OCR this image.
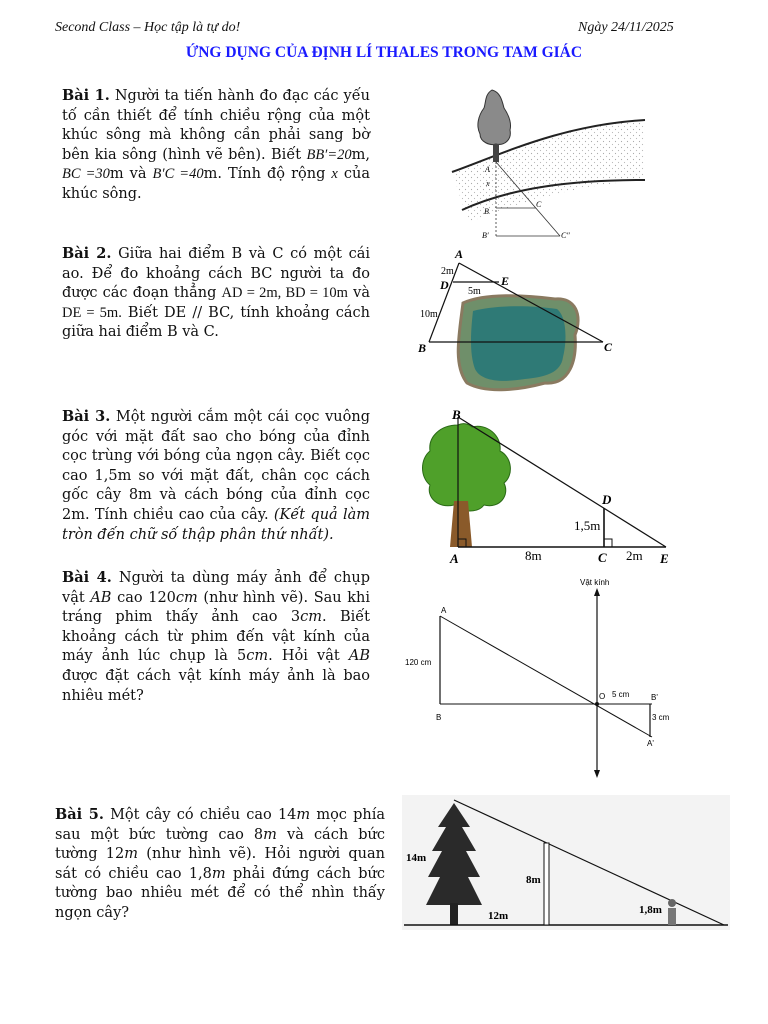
Second Class – Học tập là tự do!	Ngày 24/11/2025
ỨNG DỤNG CỦA ĐỊNH LÍ THALES TRONG TAM GIÁC
Bài 1. Người ta tiến hành đo đạc các yếu tố cần thiết để tính chiều rộng của một khúc sông mà không cần phải sang bờ bên kia sông (hình vẽ bên). Biết BB′=20m, BC =30m và B′C =40m. Tính độ rộng x của khúc sông.
Bài 2. Giữa hai điểm B và C có một cái ao. Để đo khoảng cách BC người ta đo được các đoạn thẳng AD = 2m, BD = 10m và DE = 5m. Biết DE // BC, tính khoảng cách giữa hai điểm B và C.
Bài 3. Một người cắm một cái cọc vuông góc với mặt đất sao cho bóng của đỉnh cọc trùng với bóng của ngọn cây. Biết cọc cao 1,5m so với mặt đất, chân cọc cách gốc cây 8m và cách bóng của đỉnh cọc 2m. Tính chiều cao của cây. (Kết quả làm tròn đến chữ số thập phân thứ nhất).
Bài 4. Người ta dùng máy ảnh để chụp vật AB cao 120cm (như hình vẽ). Sau khi tráng phim thấy ảnh cao 3cm. Biết khoảng cách từ phim đến vật kính của máy ảnh lúc chụp là 5cm. Hỏi vật AB được đặt cách vật kính máy ảnh là bao nhiêu mét?
Bài 5. Một cây có chiều cao 14m mọc phía sau một bức tường cao 8m và cách bức tường 12m (như hình vẽ). Hỏi người quan sát có chiều cao 1,8m phải đứng cách bức tường bao nhiêu mét để có thể nhìn thấy ngọn cây?
A
x
B
C
B′	C″
A
D	E
B	C
2m
5m
10m
B
D
A	C	E
1,5m
8m	2m
Vật kính
A
B
O	B'
A'
120 cm
5 cm
3 cm
14m
8m
12m	1,8m
